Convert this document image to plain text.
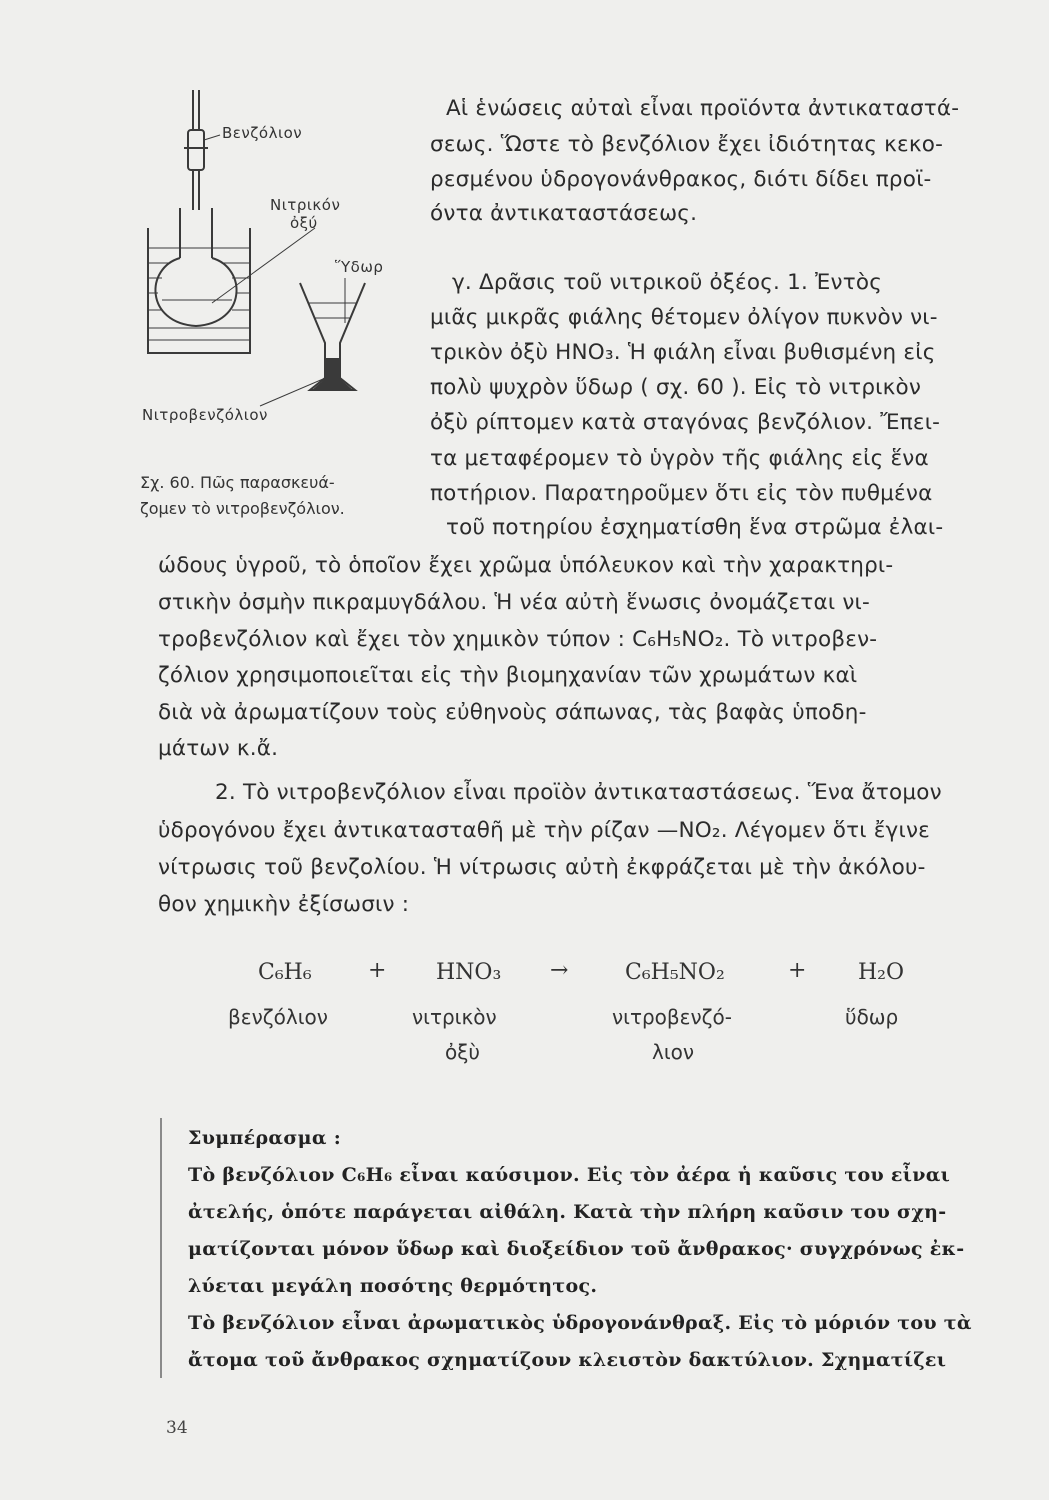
Βενζόλιον
Νιτρικόν
ὀξύ
Ὕδωρ
Νιτροβενζόλιον
Σχ. 60. Πῶς παρασκευά-
ζομεν τὸ νιτροβενζόλιον.
Αἱ ἑνώσεις αὐταὶ εἶναι προϊόντα ἀντικαταστά-
σεως. Ὥστε τὸ βενζόλιον ἔχει ἰδιότητας κεκο-
ρεσμένου ὑδρογονάνθρακος, διότι δίδει προϊ-
όντα ἀντικαταστάσεως.
γ. Δρᾶσις τοῦ νιτρικοῦ ὀξέος. 1. Ἐντὸς
μιᾶς μικρᾶς φιάλης θέτομεν ὀλίγον πυκνὸν νι-
τρικὸν ὀξὺ HNO₃. Ἡ φιάλη εἶναι βυθισμένη εἰς
πολὺ ψυχρὸν ὕδωρ ( σχ. 60 ). Εἰς τὸ νιτρικὸν
ὀξὺ ρίπτομεν κατὰ σταγόνας βενζόλιον. Ἔπει-
τα μεταφέρομεν τὸ ὑγρὸν τῆς φιάλης εἰς ἕνα
ποτήριον. Παρατηροῦμεν ὅτι εἰς τὸν πυθμένα
τοῦ ποτηρίου ἐσχηματίσθη ἕνα στρῶμα ἐλαι-
ώδους ὑγροῦ, τὸ ὁποῖον ἔχει χρῶμα ὑπόλευκον καὶ τὴν χαρακτηρι-
στικὴν ὀσμὴν πικραμυγδάλου. Ἡ νέα αὐτὴ ἕνωσις ὀνομάζεται νι-
τροβενζόλιον καὶ ἔχει τὸν χημικὸν τύπον : C₆H₅NO₂. Τὸ νιτροβεν-
ζόλιον χρησιμοποιεῖται εἰς τὴν βιομηχανίαν τῶν χρωμάτων καὶ
διὰ νὰ ἀρωματίζουν τοὺς εὐθηνοὺς σάπωνας, τὰς βαφὰς ὑποδη-
μάτων κ.ἄ.
2. Τὸ νιτροβενζόλιον εἶναι προϊὸν ἀντικαταστάσεως. Ἕνα ἄτομον
ὑδρογόνου ἔχει ἀντικατασταθῆ μὲ τὴν ρίζαν —NO₂. Λέγομεν ὅτι ἔγινε
νίτρωσις τοῦ βενζολίου. Ἡ νίτρωσις αὐτὴ ἐκφράζεται μὲ τὴν ἀκόλου-
θον χημικὴν ἐξίσωσιν :
C₆H₆	+ HNO₃ →	C₆H₅NO₂	+ H₂O
βενζόλιον	νιτρικὸν
ὀξὺ
νιτροβενζό-
λιον
ὕδωρ
Συμπέρασμα :
Τὸ βενζόλιον C₆H₆ εἶναι καύσιμον. Εἰς τὸν ἀέρα ἡ καῦσις του εἶναι
ἀτελής, ὁπότε παράγεται αἰθάλη. Κατὰ τὴν πλήρη καῦσιν του σχη-
ματίζονται μόνον ὕδωρ καὶ διοξείδιον τοῦ ἄνθρακος· συγχρόνως ἐκ-
λύεται μεγάλη ποσότης θερμότητος.
Τὸ βενζόλιον εἶναι ἀρωματικὸς ὑδρογονάνθραξ. Εἰς τὸ μόριόν του τὰ
ἄτομα τοῦ ἄνθρακος σχηματίζουν κλειστὸν δακτύλιον. Σχηματίζει
34
